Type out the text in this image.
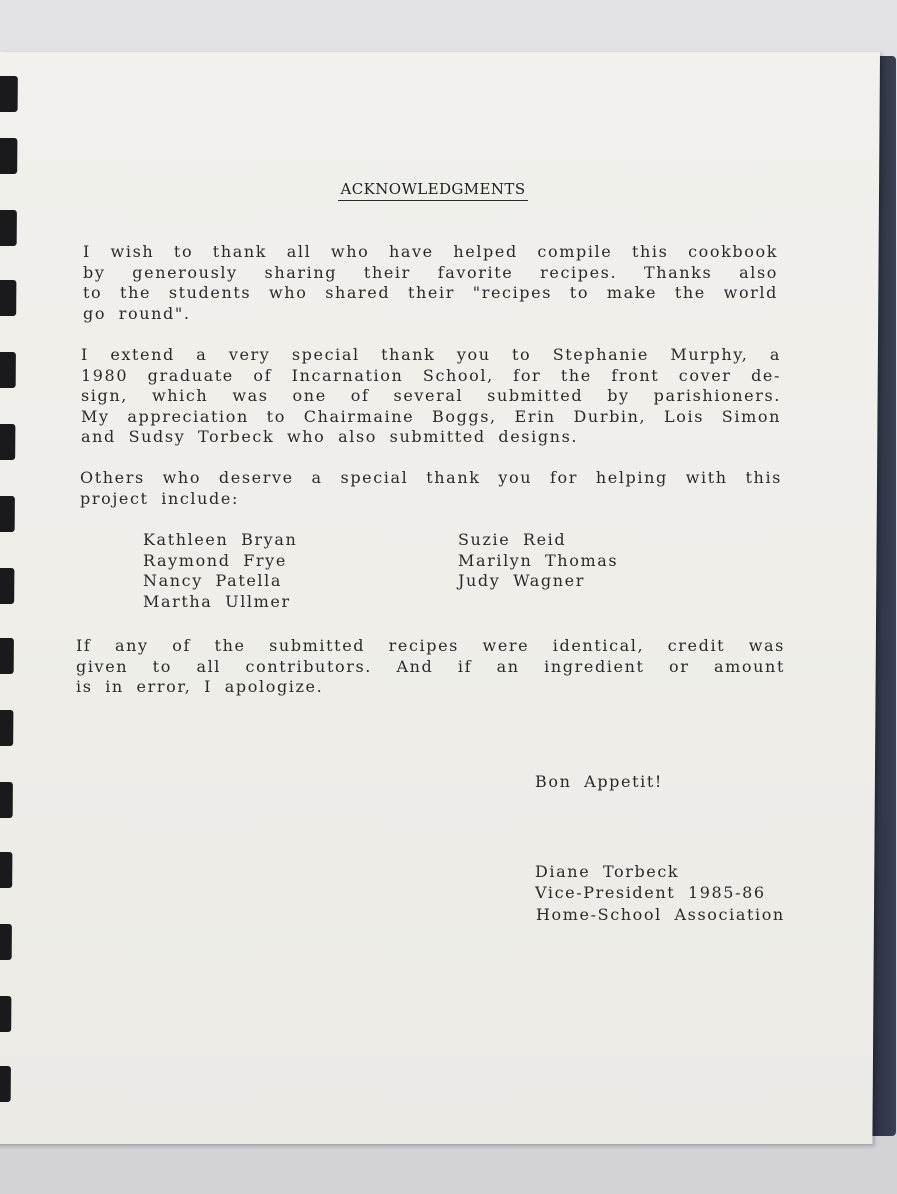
ACKNOWLEDGMENTS
I wish to thank all who have helped compile this cookbook
by generously sharing their favorite recipes. Thanks also
to the students who shared their "recipes to make the world
go round".
I extend a very special thank you to Stephanie Murphy, a
1980 graduate of Incarnation School, for the front cover de-
sign, which was one of several submitted by parishioners.
My appreciation to Chairmaine Boggs, Erin Durbin, Lois Simon
and Sudsy Torbeck who also submitted designs.
Others who deserve a special thank you for helping with this
project include:
Kathleen Bryan
Raymond Frye
Nancy Patella
Martha Ullmer
Suzie Reid
Marilyn Thomas
Judy Wagner
If any of the submitted recipes were identical, credit was
given to all contributors. And if an ingredient or amount
is in error, I apologize.
Bon Appetit!
Diane Torbeck
Vice-President 1985-86
Home-School Association
